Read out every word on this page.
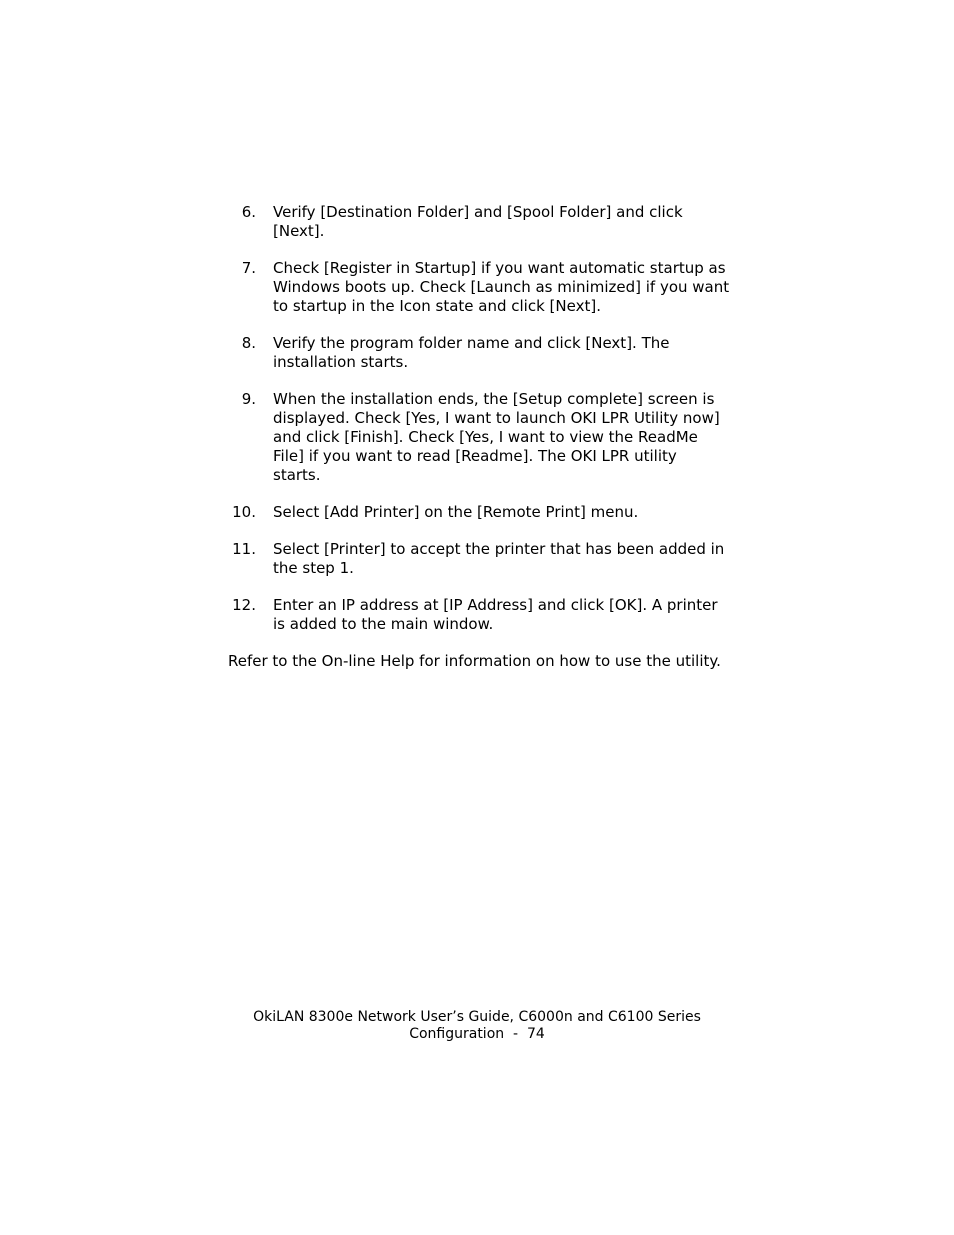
6.	Verify [Destination Folder] and [Spool Folder] and click
[Next].
7.	Check [Register in Startup] if you want automatic startup as
Windows boots up. Check [Launch as minimized] if you want
to startup in the Icon state and click [Next].
8.	Verify the program folder name and click [Next]. The
installation starts.
9.	When the installation ends, the [Setup complete] screen is
displayed. Check [Yes, I want to launch OKI LPR Utility now]
and click [Finish]. Check [Yes, I want to view the ReadMe
File] if you want to read [Readme]. The OKI LPR utility
starts.
10.	Select [Add Printer] on the [Remote Print] menu.
11.	Select [Printer] to accept the printer that has been added in
the step 1.
12.	Enter an IP address at [IP Address] and click [OK]. A printer
is added to the main window.

Refer to the On-line Help for information on how to use the utility.

OkiLAN 8300e Network User’s Guide, C6000n and C6100 Series
Configuration  -  74
